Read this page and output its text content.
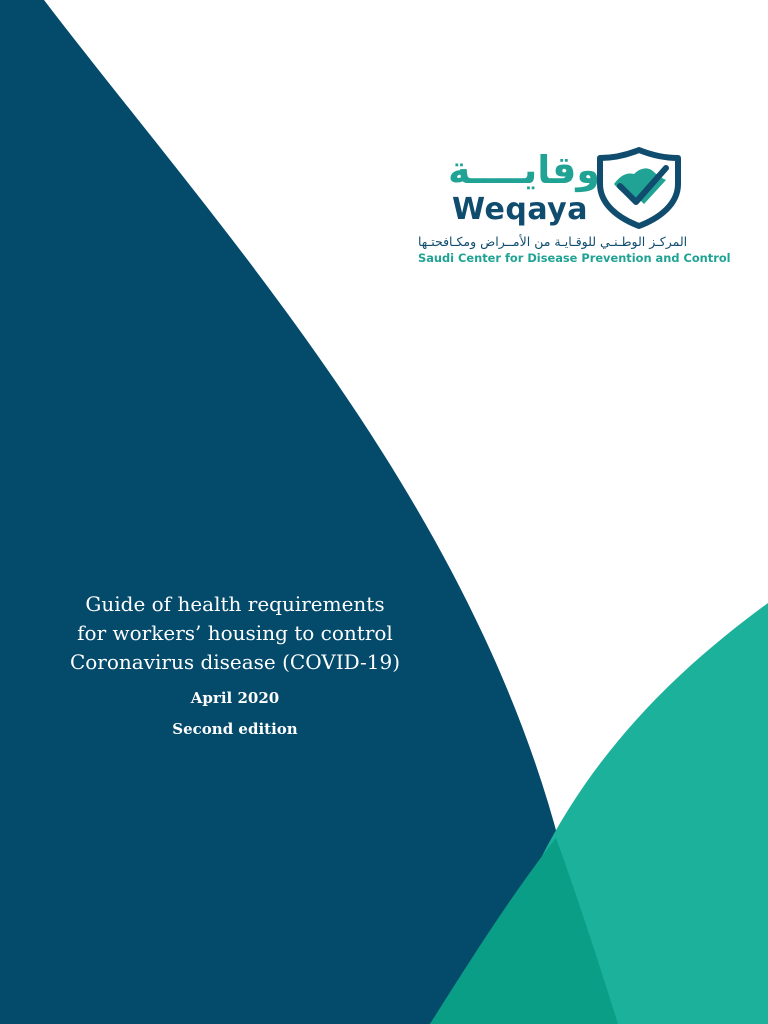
وقايــــة
Weqaya
المركـز الوطـنـي للوقـايـة من الأمــراض ومكـافحتـها
Saudi Center for Disease Prevention and Control
Guide of health requirements
for workers’ housing to control
Coronavirus disease (COVID-19)
April 2020
Second edition
